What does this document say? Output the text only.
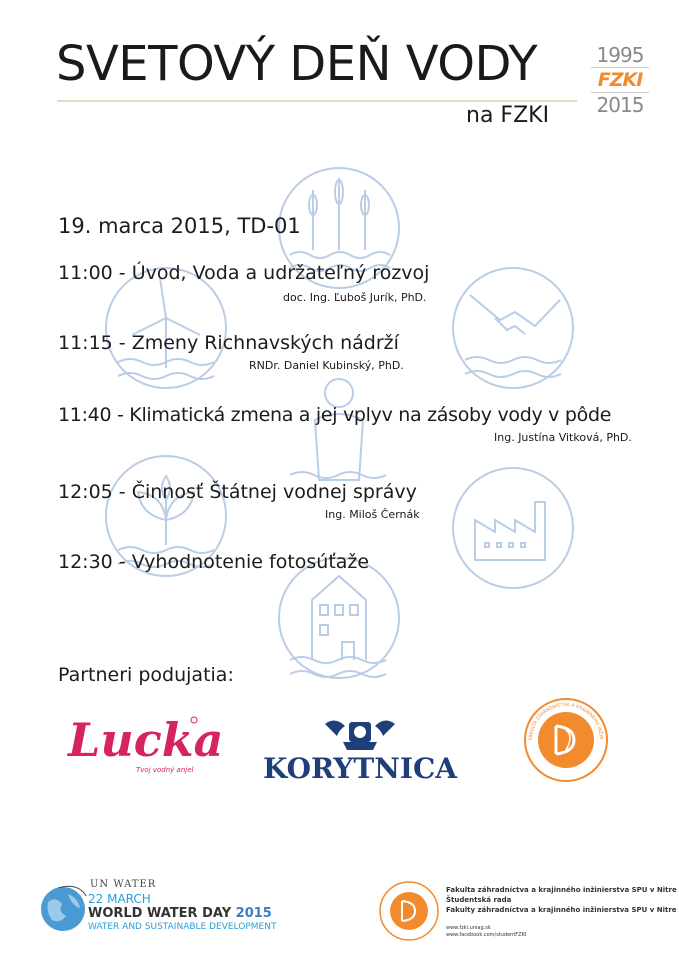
SVETOVÝ DEŇ VODY
na FZKI
1995
FZKI
2015
19. marca 2015, TD-01
11:00 - Úvod, Voda a udržateľný rozvoj
doc. Ing. Ľuboš Jurík, PhD.
11:15 - Zmeny Richnavských nádrží
RNDr. Daniel Kubinský, PhD.
11:40 - Klimatická zmena a jej vplyv na zásoby vody v pôde
Ing. Justína Vitková, PhD.
12:05 - Činnosť Štátnej vodnej správy
Ing. Miloš Černák
12:30 - Vyhodnotenie fotosúťaže
Partneri podujatia:
Lucka
Tvoj vodný anjel KORYTNICA
FAKULTA ZÁHRADNÍCTVA A KRAJINNÉHO INŽIN
SPU NITRA
UN WATER
22 MARCH
WORLD WATER DAY 2015
WATER AND SUSTAINABLE DEVELOPMENT
Fakulta záhradníctva a krajinného inžinierstva SPU v Nitre
Študentská rada
Fakulty záhradníctva a krajinného inžinierstva SPU v Nitre
www.fzki.uniag.sk
www.facebook.com/studentFZKI
